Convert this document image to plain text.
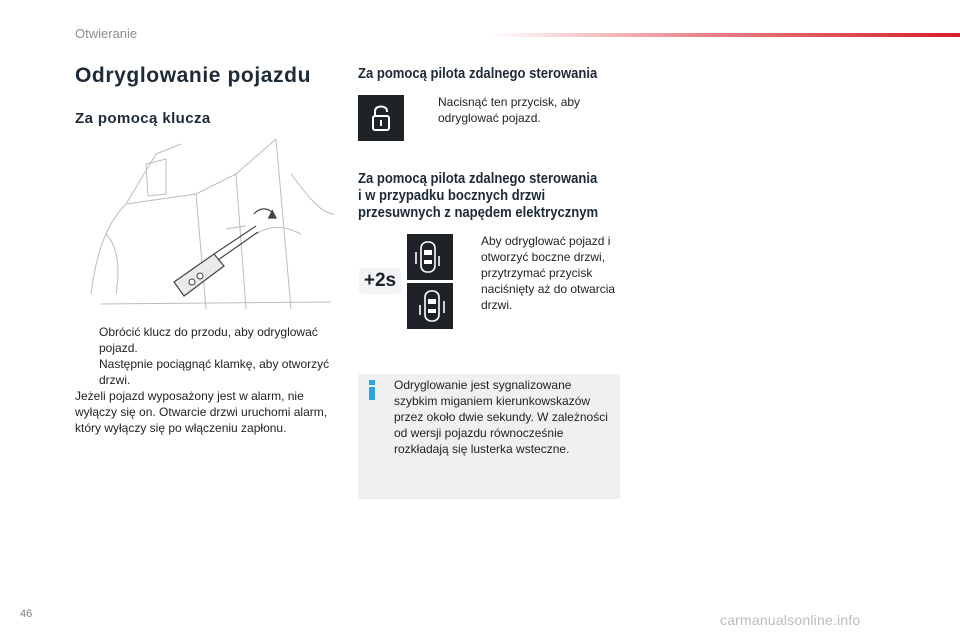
Otwieranie
Odryglowanie pojazdu
Za pomocą klucza
Obrócić klucz do przodu, aby odryglować pojazd.
Następnie pociągnąć klamkę, aby otworzyć drzwi.
Jeżeli pojazd wyposażony jest w alarm, nie wyłączy się on. Otwarcie drzwi uruchomi alarm, który wyłączy się po włączeniu zapłonu.
Za pomocą pilota zdalnego sterowania
Nacisnąć ten przycisk, aby odryglować pojazd.
Za pomocą pilota zdalnego sterowania
i w przypadku bocznych drzwi
przesuwnych z napędem elektrycznym
+2s
Aby odryglować pojazd i otworzyć boczne drzwi, przytrzymać przycisk naciśnięty aż do otwarcia drzwi.
Odryglowanie jest sygnalizowane szybkim miganiem kierunkowskazów przez około dwie sekundy. W zależności od wersji pojazdu równocześnie rozkładają się lusterka wsteczne.
46	carmanualsonline.info
